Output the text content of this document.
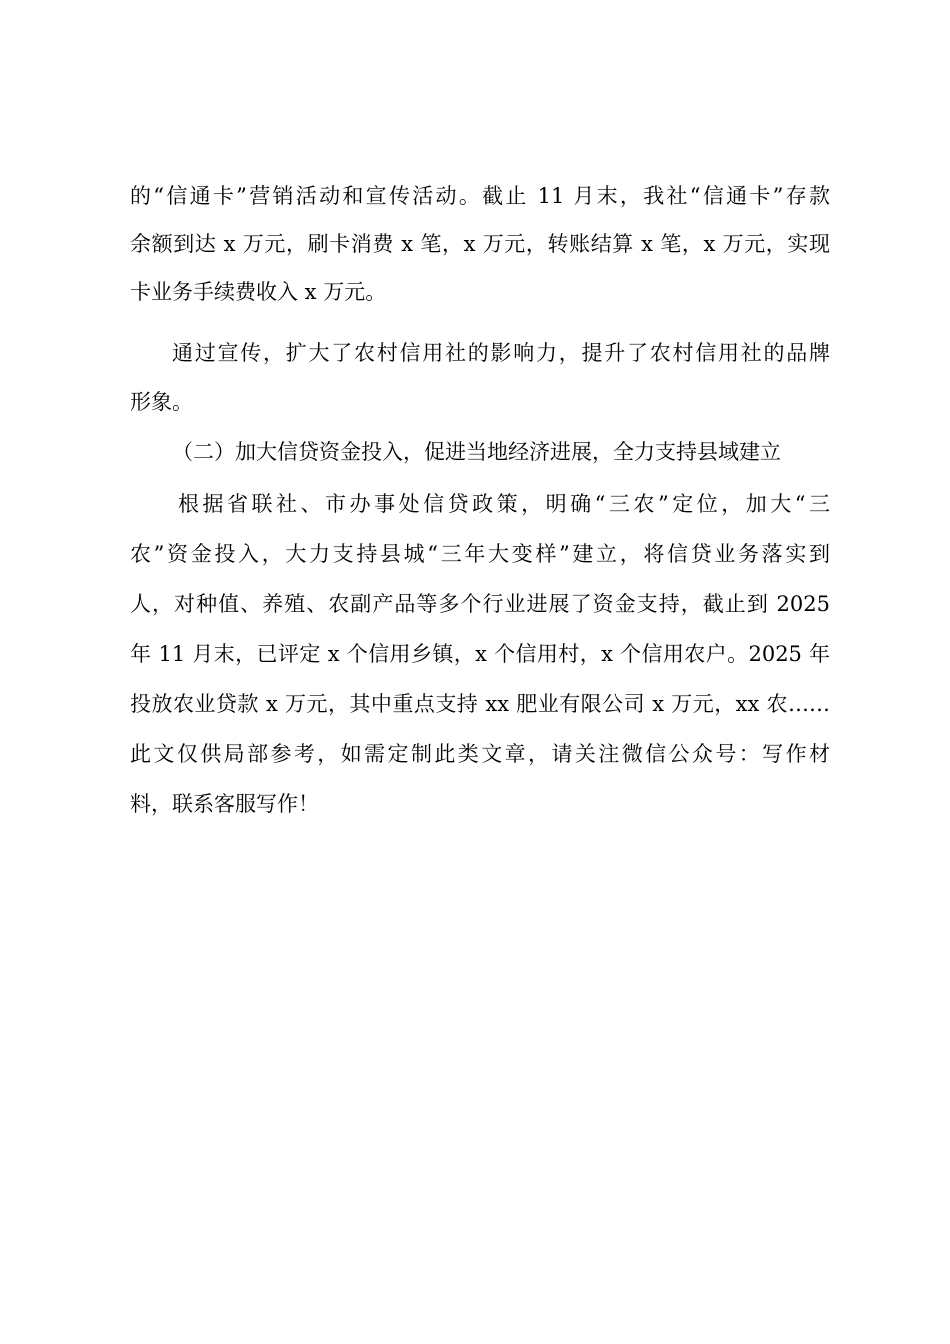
的“信通卡”营销活动和宣传活动。截止 11 月末，我社“信通卡”存款
余额到达 x 万元，刷卡消费 x 笔，x 万元，转账结算 x 笔，x 万元，实现
卡业务手续费收入 x 万元。
通过宣传，扩大了农村信用社的影响力，提升了农村信用社的品牌
形象。
（二）加大信贷资金投入，促进当地经济进展，全力支持县域建立
根据省联社、市办事处信贷政策，明确“三农”定位，加大“三
农”资金投入，大力支持县城“三年大变样”建立，将信贷业务落实到
人，对种值、养殖、农副产品等多个行业进展了资金支持，截止到 2025
年 11 月末，已评定 x 个信用乡镇，x 个信用村，x 个信用农户。2025 年
投放农业贷款 x 万元，其中重点支持 xx 肥业有限公司 x 万元，xx 农……
此文仅供局部参考，如需定制此类文章，请关注微信公众号：写作材
料，联系客服写作！
